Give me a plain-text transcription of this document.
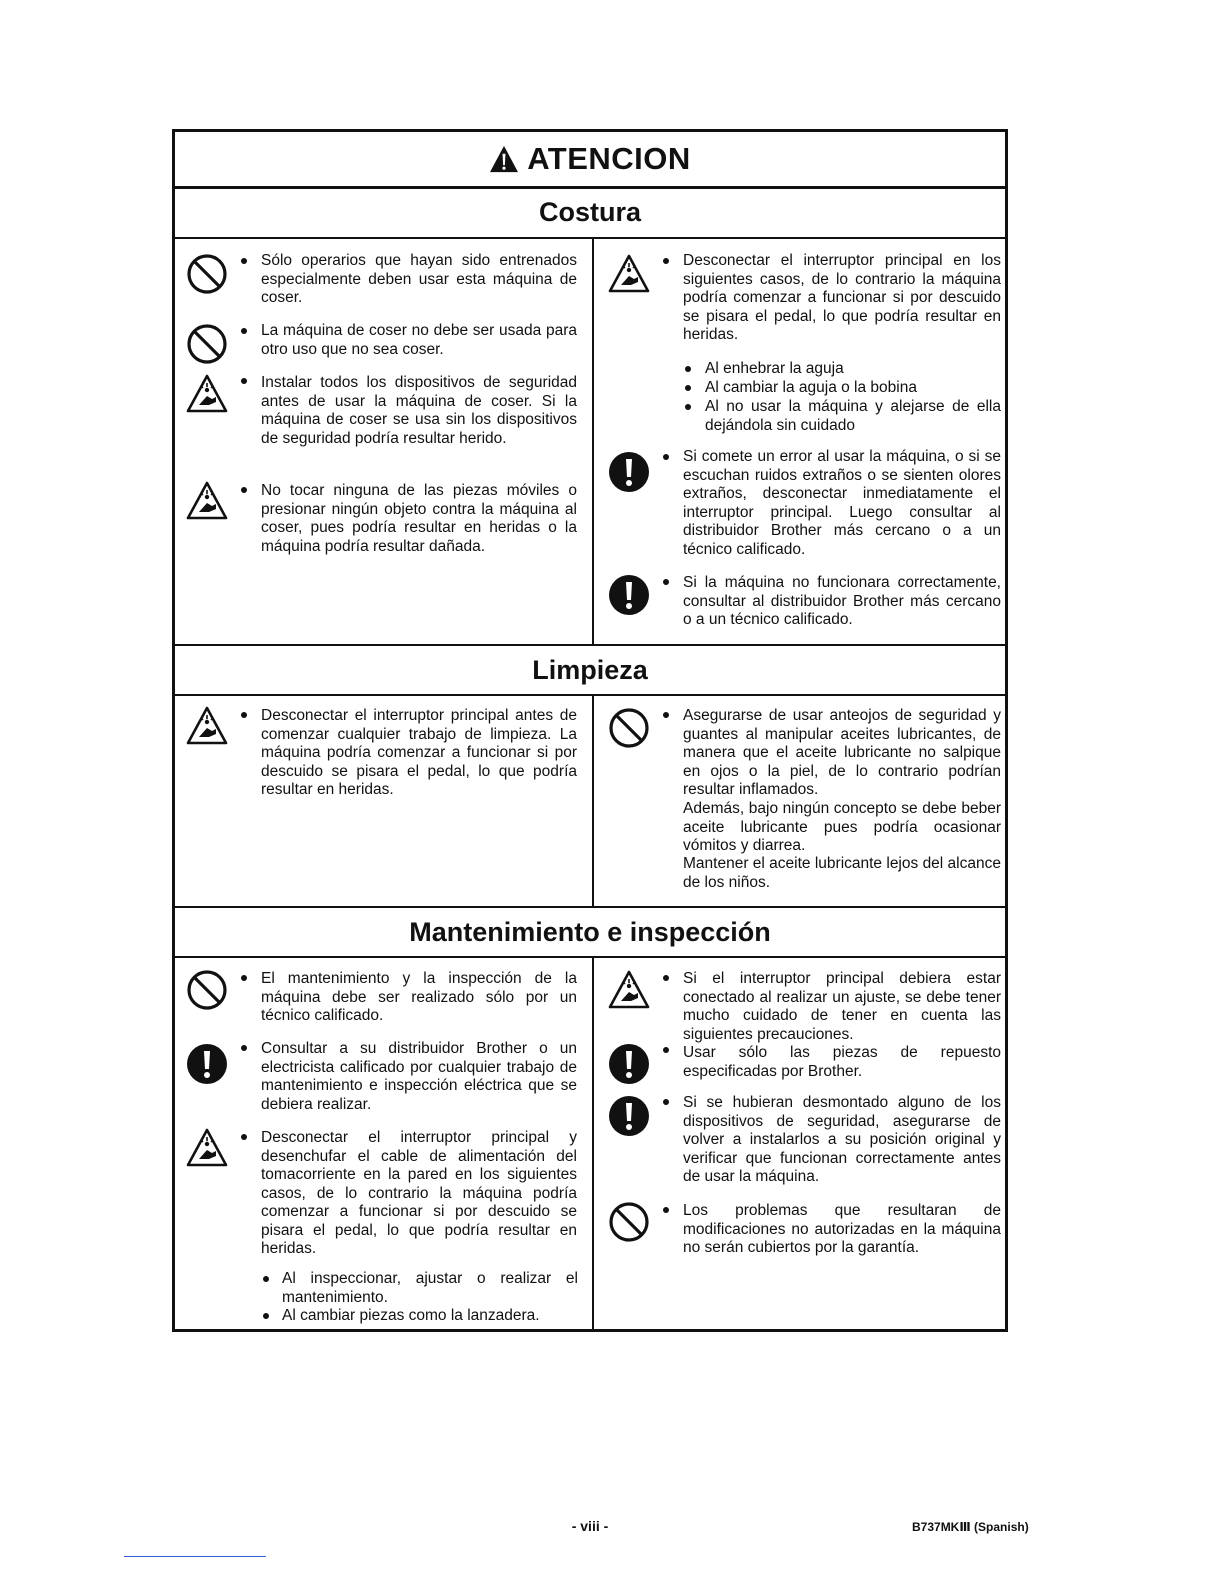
ATENCION
Costura
Sólo operarios que hayan sido entrenados especialmente deben usar esta máquina de coser.
La máquina de coser no debe ser usada para otro uso que no sea coser.
Instalar todos los dispositivos de seguridad antes de usar la máquina de coser. Si la máquina de coser se usa sin los dispositivos de seguridad podría resultar herido.
No tocar ninguna de las piezas móviles o presionar ningún objeto contra la máquina al coser, pues podría resultar en heridas o la máquina podría resultar dañada.
Desconectar el interruptor principal en los siguientes casos, de lo contrario la máquina podría comenzar a funcionar si por descuido se pisara el pedal, lo que podría resultar en heridas.
Al enhebrar la aguja
Al cambiar la aguja o la bobina
Al no usar la máquina y alejarse de ella dejándola sin cuidado
Si comete un error al usar la máquina, o si se escuchan ruidos extraños o se sienten olores extraños, desconectar inmediatamente el interruptor principal. Luego consultar al distribuidor Brother más cercano o a un técnico calificado.
Si la máquina no funcionara correctamente, consultar al distribuidor Brother más cercano o a un técnico calificado.
Limpieza
Desconectar el interruptor principal antes de comenzar cualquier trabajo de limpieza. La máquina podría comenzar a funcionar si por descuido se pisara el pedal, lo que podría resultar en heridas.
Asegurarse de usar anteojos de seguridad y guantes al manipular aceites lubricantes, de manera que el aceite lubricante no salpique en ojos o la piel, de lo contrario podrían resultar inflamados.
Además, bajo ningún concepto se debe beber aceite lubricante pues podría ocasionar vómitos y diarrea.
Mantener el aceite lubricante lejos del alcance de los niños.
Mantenimiento e inspección
El mantenimiento y la inspección de la máquina debe ser realizado sólo por un técnico calificado.
Consultar a su distribuidor Brother o un electricista calificado por cualquier trabajo de mantenimiento e inspección eléctrica que se debiera realizar.
Desconectar el interruptor principal y desenchufar el cable de alimentación del tomacorriente en la pared en los siguientes casos, de lo contrario la máquina podría comenzar a funcionar si por descuido se pisara el pedal, lo que podría resultar en heridas.
Al inspeccionar, ajustar o realizar el mantenimiento.
Al cambiar piezas como la lanzadera.
Si el interruptor principal debiera estar conectado al realizar un ajuste, se debe tener mucho cuidado de tener en cuenta las siguientes precauciones.
Usar sólo las piezas de repuesto especificadas por Brother.
Si se hubieran desmontado alguno de los dispositivos de seguridad, asegurarse de volver a instalarlos a su posición original y verificar que funcionan correctamente antes de usar la máquina.
Los problemas que resultaran de modificaciones no autorizadas en la máquina no serán cubiertos por la garantía.
- viii -	B737MKⅢ (Spanish)
